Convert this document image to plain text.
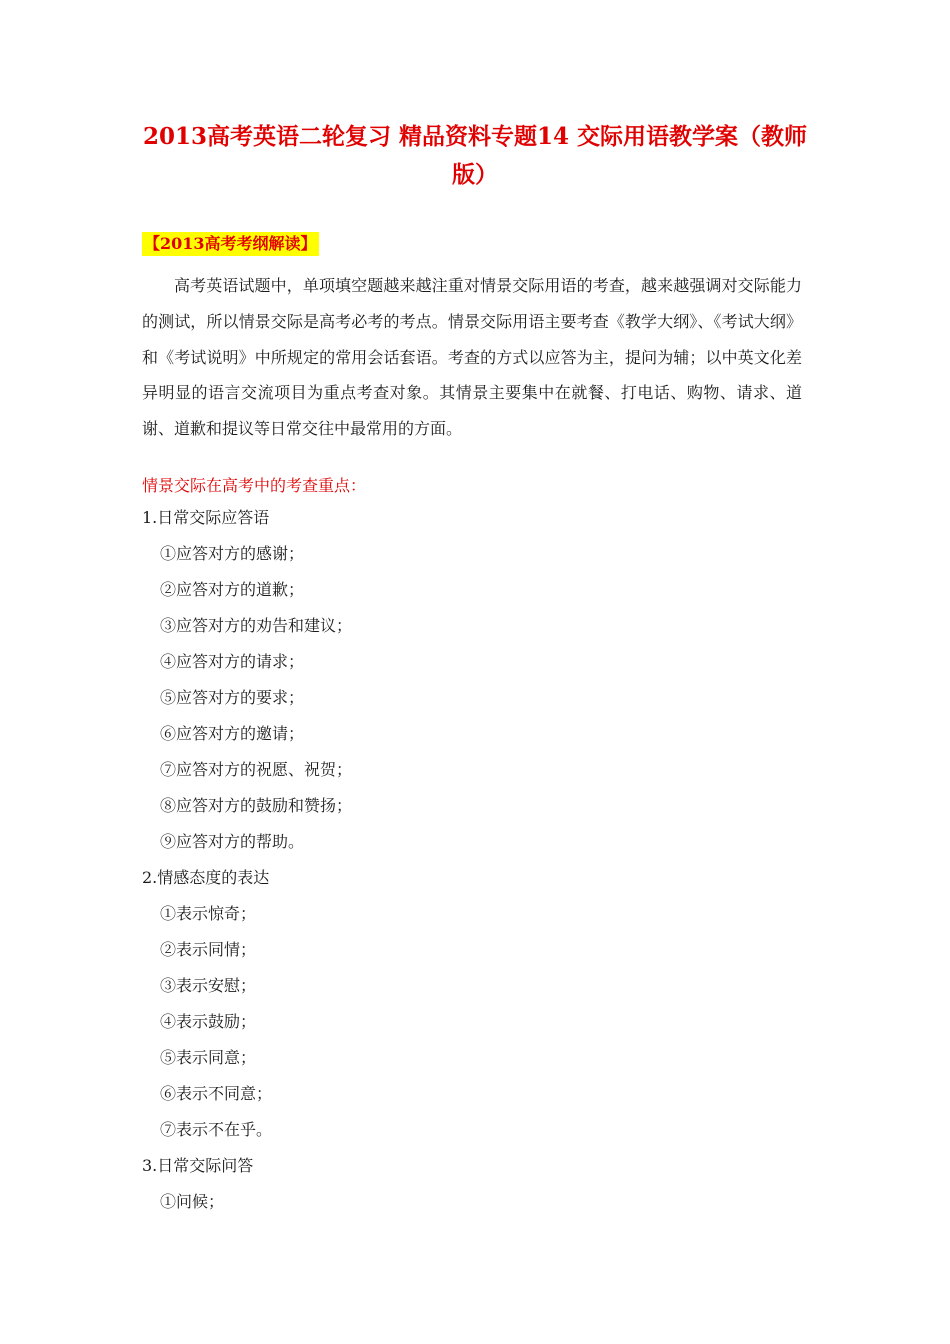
2013高考英语二轮复习 精品资料专题14 交际用语教学案（教师版）
【2013高考考纲解读】
高考英语试题中，单项填空题越来越注重对情景交际用语的考查，越来越强调对交际能力的测试，所以情景交际是高考必考的考点。情景交际用语主要考查《教学大纲》、《考试大纲》和《考试说明》中所规定的常用会话套语。考查的方式以应答为主，提问为辅；以中英文化差异明显的语言交流项目为重点考查对象。其情景主要集中在就餐、打电话、购物、请求、道谢、道歉和提议等日常交往中最常用的方面。
情景交际在高考中的考查重点：
1.日常交际应答语
①应答对方的感谢；
②应答对方的道歉；
③应答对方的劝告和建议；
④应答对方的请求；
⑤应答对方的要求；
⑥应答对方的邀请；
⑦应答对方的祝愿、祝贺；
⑧应答对方的鼓励和赞扬；
⑨应答对方的帮助。
2.情感态度的表达
①表示惊奇；
②表示同情；
③表示安慰；
④表示鼓励；
⑤表示同意；
⑥表示不同意；
⑦表示不在乎。
3.日常交际问答
①问候；
